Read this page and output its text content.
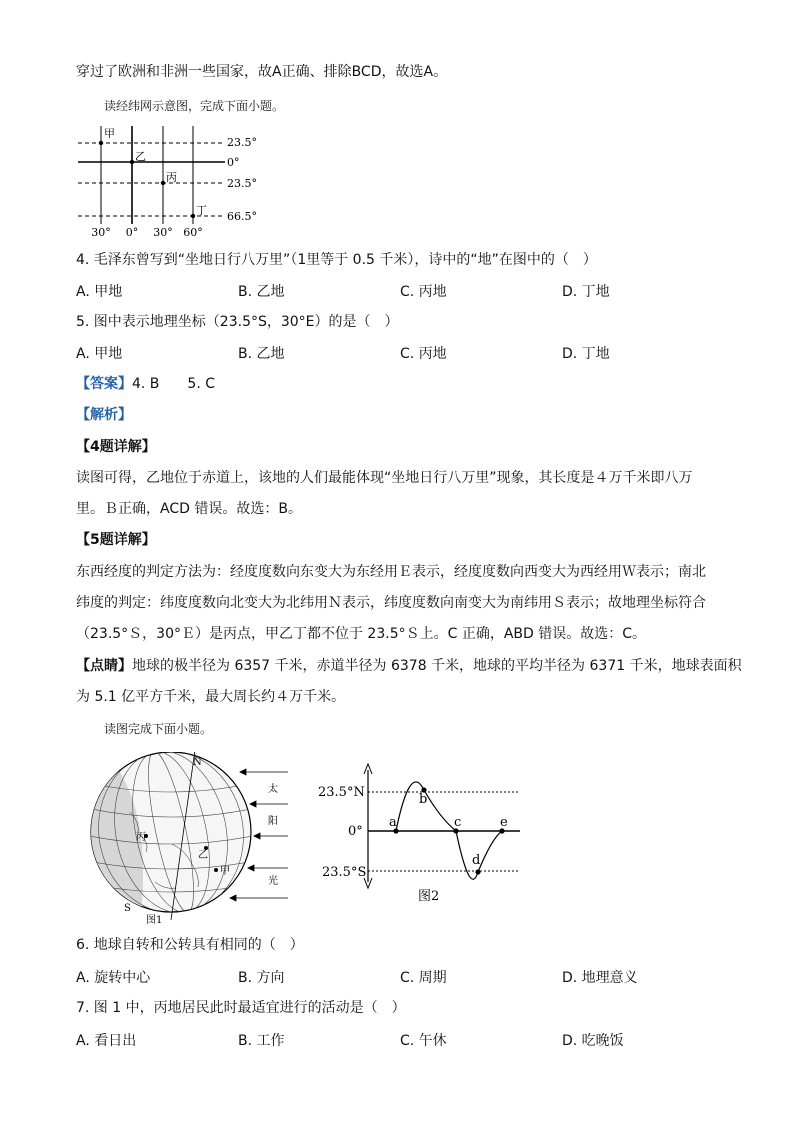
穿过了欧洲和非洲一些国家，故A正确、排除BCD，故选A。
读经纬网示意图，完成下面小题。
甲
乙
丙
丁
23.5°
0°
23.5°
66.5°
30° 0° 30° 60°
4. 毛泽东曾写到“坐地日行八万里”（1里等于 0.5 千米），诗中的“地”在图中的（　）
A. 甲地	B. 乙地	C. 丙地	D. 丁地
5. 图中表示地理坐标（23.5°S，30°E）的是（　）
A. 甲地	B. 乙地	C. 丙地	D. 丁地
【答案】4. B　　5. C
【解析】
【4题详解】
读图可得，乙地位于赤道上，该地的人们最能体现“坐地日行八万里”现象，其长度是４万千米即八万
里。Ｂ正确，ACD 错误。故选：B。
【5题详解】
东西经度的判定方法为：经度度数向东变大为东经用Ｅ表示，经度度数向西变大为西经用Ｗ表示；南北
纬度的判定：纬度度数向北变大为北纬用Ｎ表示，纬度度数向南变大为南纬用Ｓ表示；故地理坐标符合
（23.5°Ｓ，30°Ｅ）是丙点，甲乙丁都不位于 23.5°Ｓ上。C 正确，ABD 错误。故选：C。
【点睛】地球的极半径为 6357 千米，赤道半径为 6378 千米，地球的平均半径为 6371 千米，地球表面积
为 5.1 亿平方千米，最大周长约４万千米。
读图完成下面小题。
N
S
丙
乙
甲
图1
太
阳
光
23.5°N
0°
23.5°S
a
b
c
d
e
图2
6. 地球自转和公转具有相同的（　）
A. 旋转中心	B. 方向	C. 周期	D. 地理意义
7. 图 1 中，丙地居民此时最适宜进行的活动是（　）
A. 看日出	B. 工作	C. 午休	D. 吃晚饭
